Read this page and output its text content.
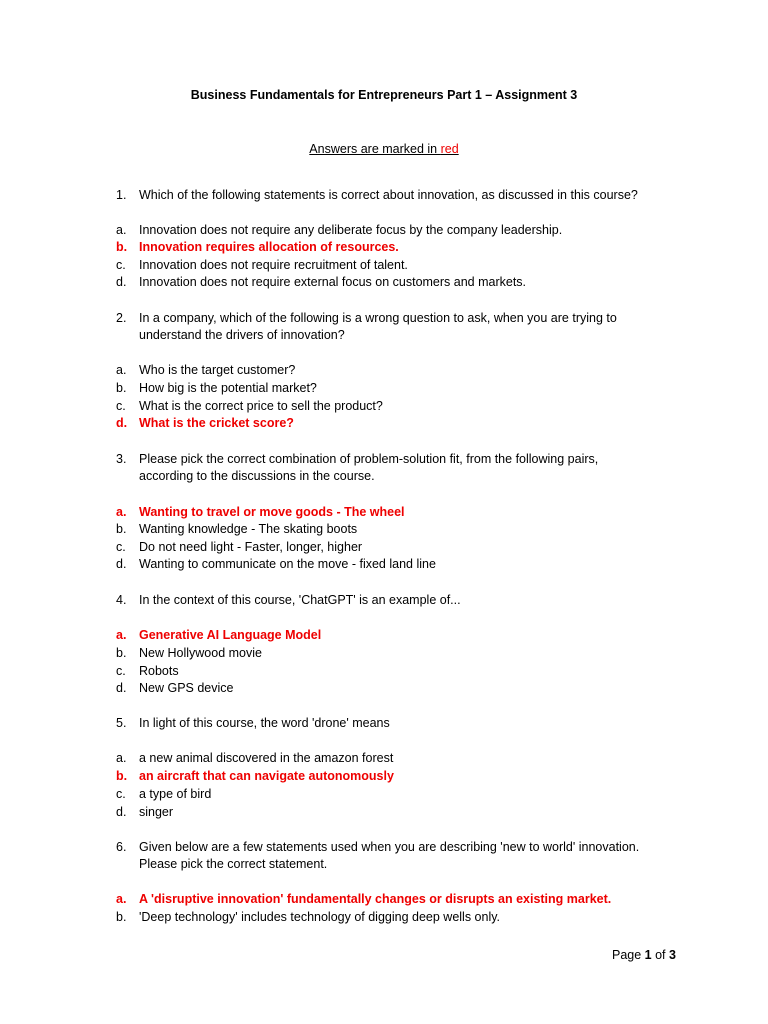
Business Fundamentals for Entrepreneurs Part 1 – Assignment 3
Answers are marked in red
1.	Which of the following statements is correct about innovation, as discussed in this course?
a.	Innovation does not require any deliberate focus by the company leadership.
b. Innovation requires allocation of resources.
c.	Innovation does not require recruitment of talent.
d.	Innovation does not require external focus on customers and markets.
2.	In a company, which of the following is a wrong question to ask, when you are trying to understand the drivers of innovation?
a.	Who is the target customer?
b.	How big is the potential market?
c.	What is the correct price to sell the product?
d. What is the cricket score?
3.	Please pick the correct combination of problem-solution fit, from the following pairs, according to the discussions in the course.
a.	Wanting to travel or move goods - The wheel
b.	Wanting knowledge - The skating boots
c.	Do not need light - Faster, longer, higher
d.	Wanting to communicate on the move - fixed land line
4.	In the context of this course, 'ChatGPT' is an example of...
a.	Generative AI Language Model
b.	New Hollywood movie
c.	Robots
d.	New GPS device
5.	In light of this course, the word 'drone' means
a.	a new animal discovered in the amazon forest
b. an aircraft that can navigate autonomously
c.	a type of bird
d.	singer
6.	Given below are a few statements used when you are describing 'new to world' innovation. Please pick the correct statement.
a.	A 'disruptive innovation' fundamentally changes or disrupts an existing market.
b.	'Deep technology' includes technology of digging deep wells only.
Page 1 of 3
